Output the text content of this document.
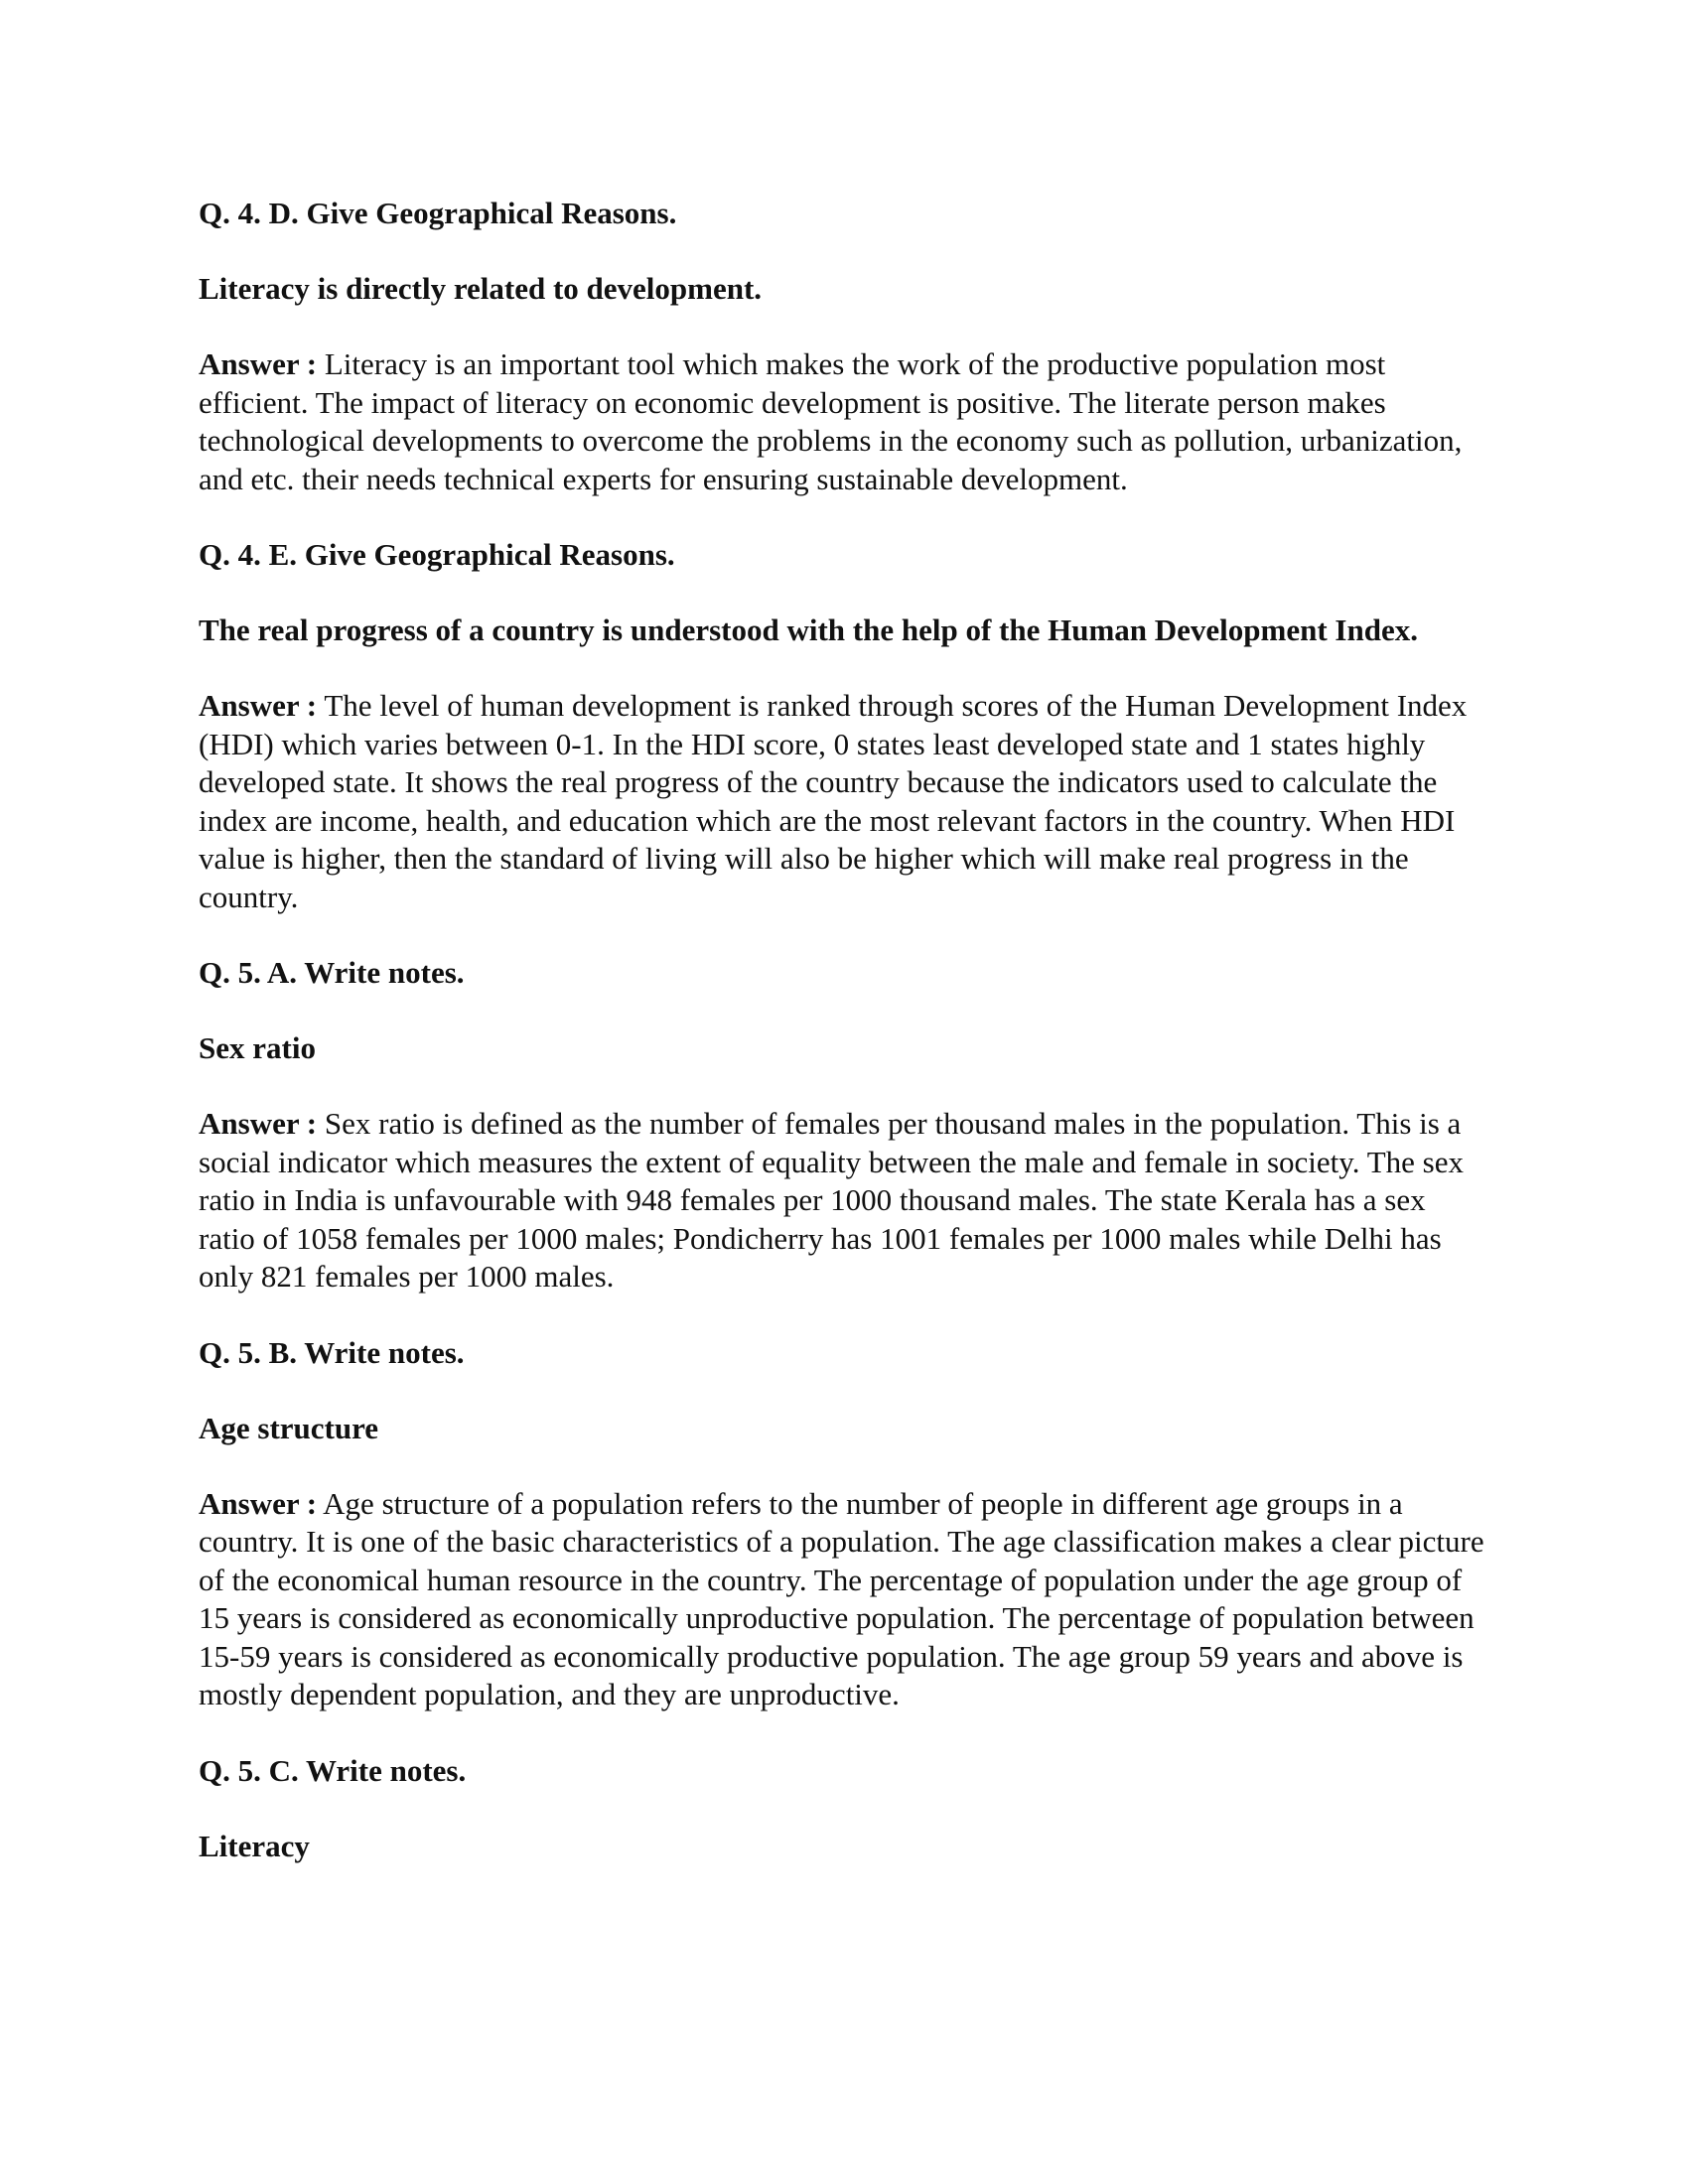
Q. 4. D. Give Geographical Reasons.

Literacy is directly related to development.

Answer : Literacy is an important tool which makes the work of the productive population most efficient. The impact of literacy on economic development is positive. The literate person makes technological developments to overcome the problems in the economy such as pollution, urbanization, and etc. their needs technical experts for ensuring sustainable development.

Q. 4. E. Give Geographical Reasons.

The real progress of a country is understood with the help of the Human Development Index.

Answer : The level of human development is ranked through scores of the Human Development Index (HDI) which varies between 0-1. In the HDI score, 0 states least developed state and 1 states highly developed state. It shows the real progress of the country because the indicators used to calculate the index are income, health, and education which are the most relevant factors in the country. When HDI value is higher, then the standard of living will also be higher which will make real progress in the country.

Q. 5. A. Write notes.

Sex ratio

Answer : Sex ratio is defined as the number of females per thousand males in the population. This is a social indicator which measures the extent of equality between the male and female in society. The sex ratio in India is unfavourable with 948 females per 1000 thousand males. The state Kerala has a sex ratio of 1058 females per 1000 males; Pondicherry has 1001 females per 1000 males while Delhi has only 821 females per 1000 males.

Q. 5. B. Write notes.

Age structure

Answer : Age structure of a population refers to the number of people in different age groups in a country. It is one of the basic characteristics of a population. The age classification makes a clear picture of the economical human resource in the country. The percentage of population under the age group of 15 years is considered as economically unproductive population. The percentage of population between 15-59 years is considered as economically productive population. The age group 59 years and above is mostly dependent population, and they are unproductive.

Q. 5. C. Write notes.

Literacy
